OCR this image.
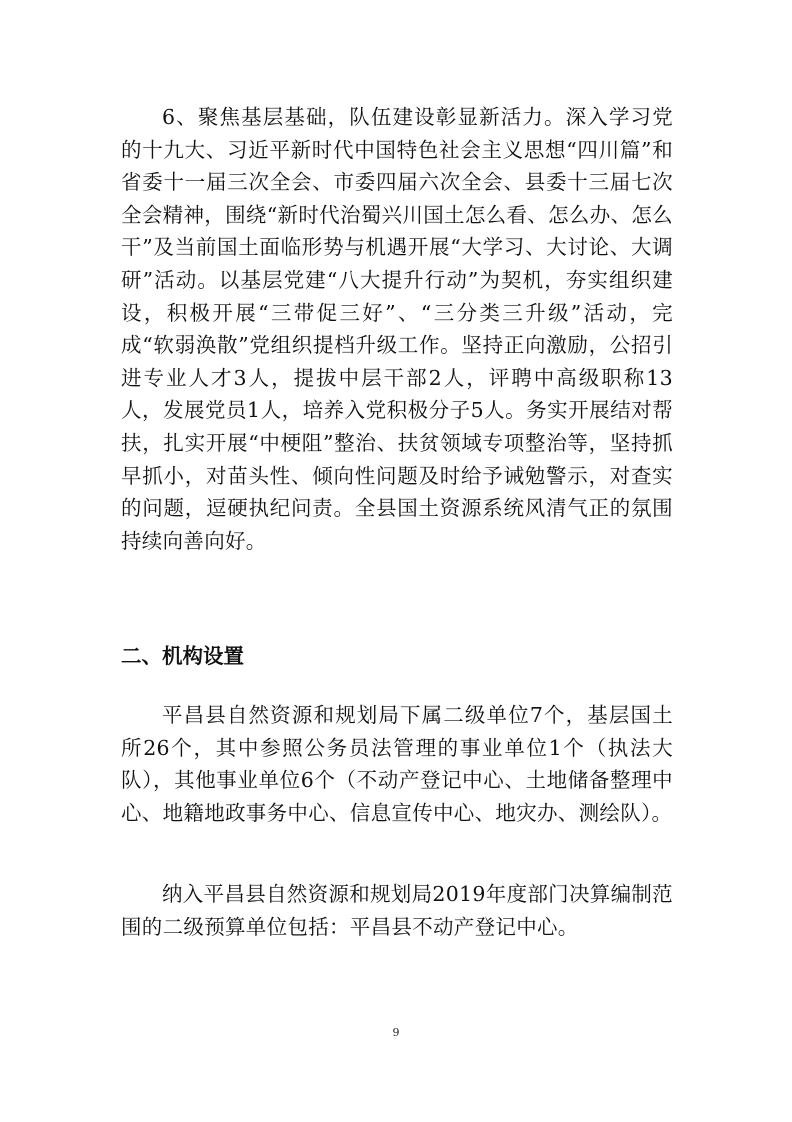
6、聚焦基层基础，队伍建设彰显新活力。深入学习党的十九大、习近平新时代中国特色社会主义思想“四川篇”和省委十一届三次全会、市委四届六次全会、县委十三届七次全会精神，围绕“新时代治蜀兴川国土怎么看、怎么办、怎么干”及当前国土面临形势与机遇开展“大学习、大讨论、大调研”活动。以基层党建“八大提升行动”为契机，夯实组织建设，积极开展“三带促三好”、“三分类三升级”活动，完成“软弱涣散”党组织提档升级工作。坚持正向激励，公招引进专业人才3人，提拔中层干部2人，评聘中高级职称13人，发展党员1人，培养入党积极分子5人。务实开展结对帮扶，扎实开展“中梗阻”整治、扶贫领域专项整治等，坚持抓早抓小，对苗头性、倾向性问题及时给予诫勉警示，对查实的问题，逗硬执纪问责。全县国土资源系统风清气正的氛围持续向善向好。

二、机构设置

平昌县自然资源和规划局下属二级单位7个，基层国土所26个，其中参照公务员法管理的事业单位1个（执法大队），其他事业单位6个（不动产登记中心、土地储备整理中心、地籍地政事务中心、信息宣传中心、地灾办、测绘队）。

纳入平昌县自然资源和规划局2019年度部门决算编制范围的二级预算单位包括：平昌县不动产登记中心。

9
